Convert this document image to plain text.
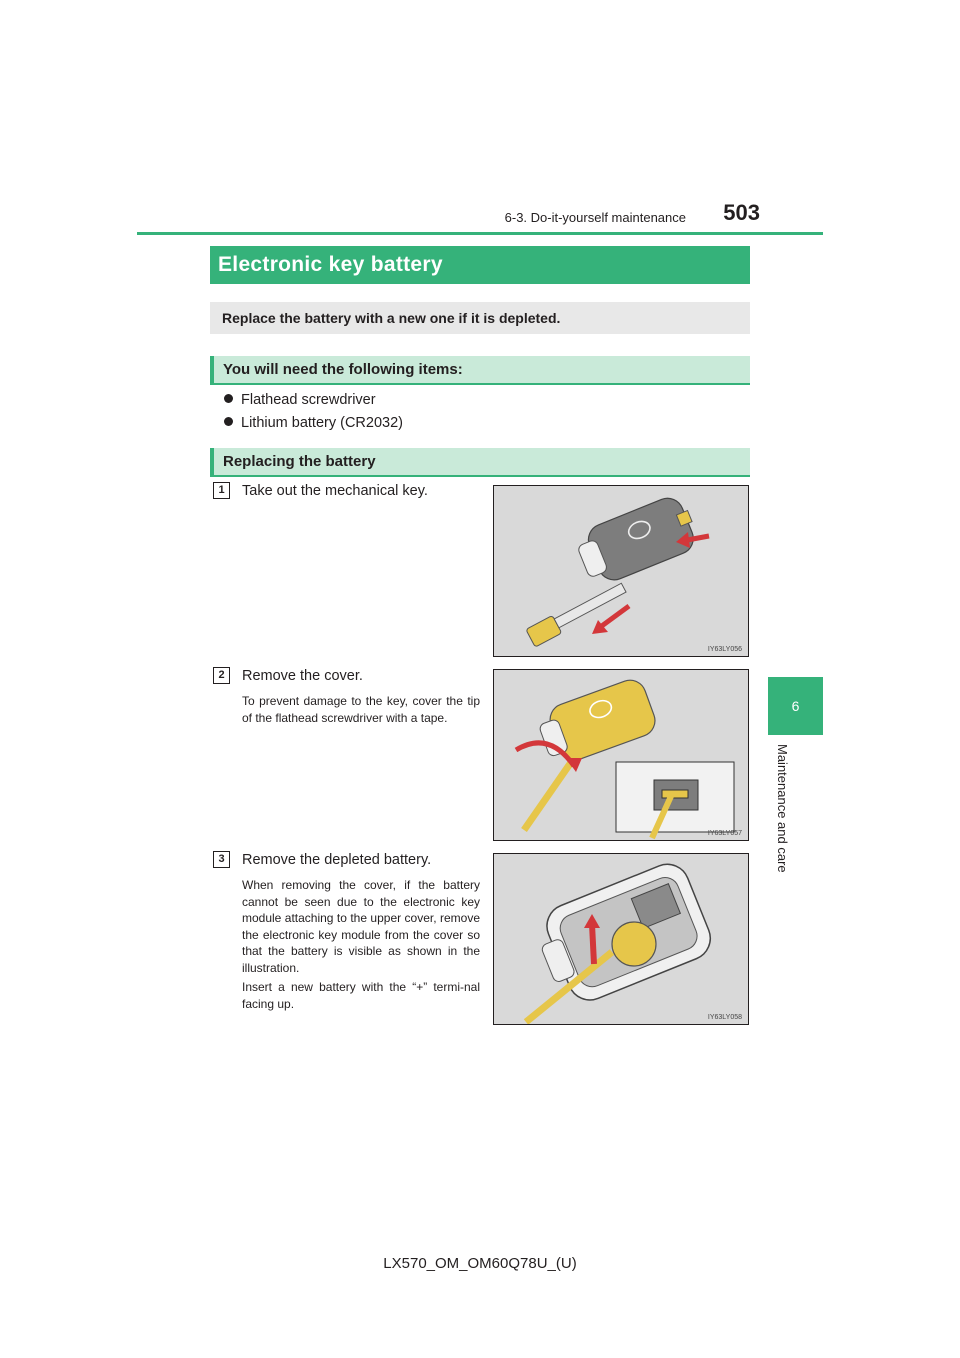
6-3. Do-it-yourself maintenance	503
6
Maintenance and care
Electronic key battery
Replace the battery with a new one if it is depleted.
You will need the following items:
Flathead screwdriver
Lithium battery (CR2032)
Replacing the battery
1	Take out the mechanical key.
IY63LY056
2	Remove the cover.
To prevent damage to the key, cover the tip of the flathead screwdriver with a tape.
IY63LY057
3	Remove the depleted battery.
When removing the cover, if the battery cannot be seen due to the electronic key module attaching to the upper cover, remove the electronic key module from the cover so that the battery is visible as shown in the illustration.
Insert a new battery with the “+” termi-nal facing up.
IY63LY058
LX570_OM_OM60Q78U_(U)
